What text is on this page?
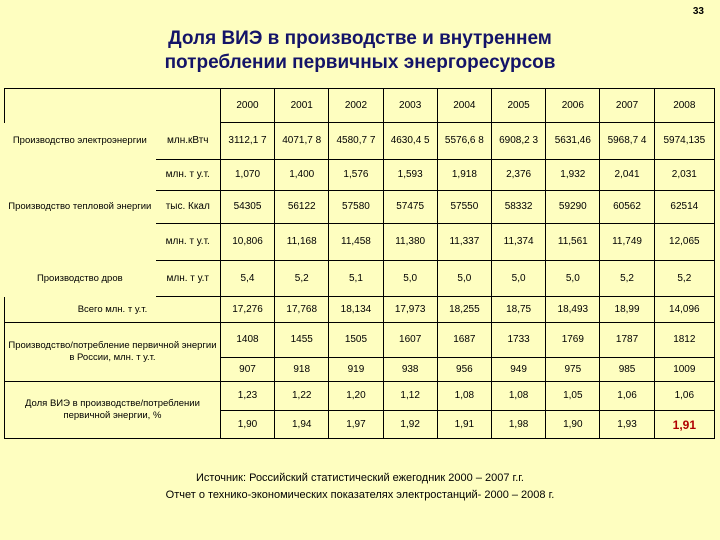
33
Доля ВИЭ в производстве и внутреннем
потреблении первичных энергоресурсов
		2000	2001	2002	2003	2004	2005	2006	2007	2008
Производство электроэнергии	млн.кВтч	3112,1 7	4071,7 8	4580,7 7	4630,4 5	5576,6 8	6908,2 3	5631,46	5968,7 4	5974,135
	млн. т у.т.	1,070	1,400	1,576	1,593	1,918	2,376	1,932	2,041	2,031
Производство тепловой энергии	тыс. Ккал	54305	56122	57580	57475	57550	58332	59290	60562	62514
	млн. т у.т.	10,806	11,168	11,458	11,380	11,337	11,374	11,561	11,749	12,065
Производство дров	млн. т у.т	5,4	5,2	5,1	5,0	5,0	5,0	5,0	5,2	5,2
Всего млн. т у.т.		17,276	17,768	18,134	17,973	18,255	18,75	18,493	18,99	14,096
Производство/потребление первичной энергии в России, млн. т у.т.		1408	1455	1505	1607	1687	1733	1769	1787	1812
		907	918	919	938	956	949	975	985	1009
Доля ВИЭ в производстве/потреблении первичной энергии, %		1,23	1,22	1,20	1,12	1,08	1,08	1,05	1,06	1,06
		1,90	1,94	1,97	1,92	1,91	1,98	1,90	1,93	1,91
Источник: Российский статистический ежегодник 2000 – 2007 г.г.
Отчет о технико-экономических показателях электростанций- 2000 – 2008 г.
